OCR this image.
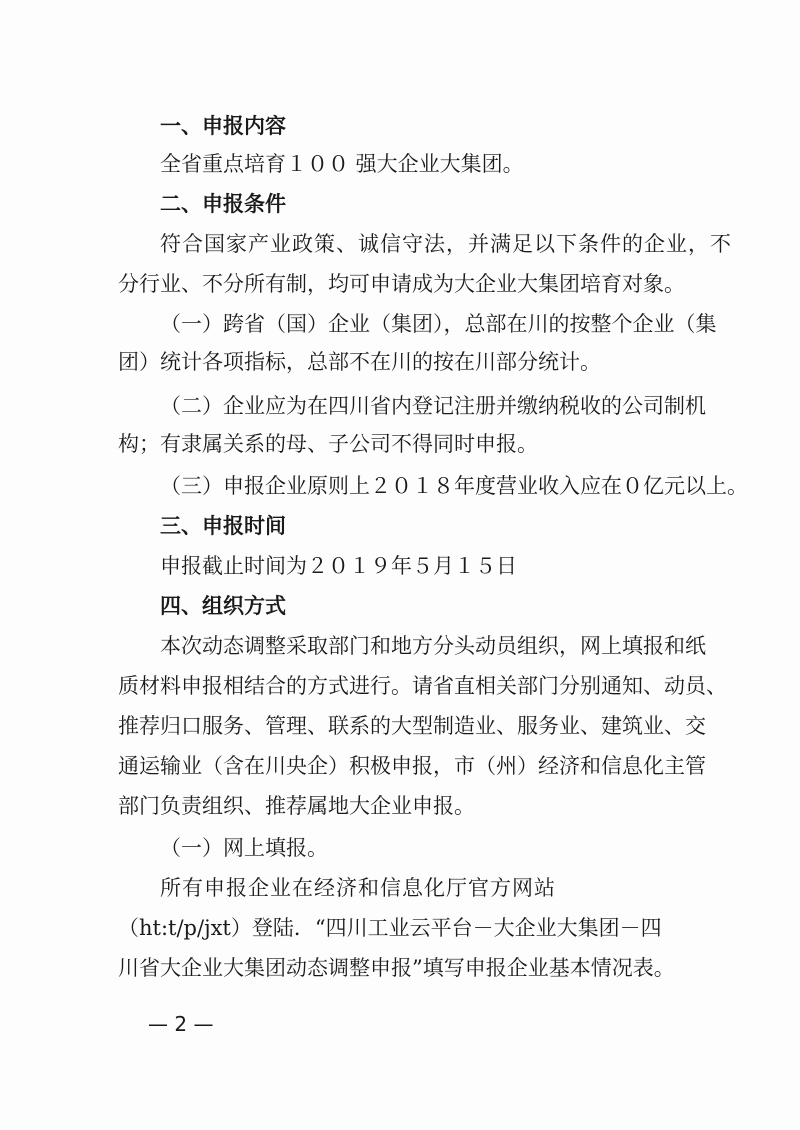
一、申报内容
全省重点培育１００ 强大企业大集团。
二、申报条件
符合国家产业政策、诚信守法，并满足以下条件的企业，不
分行业、不分所有制，均可申请成为大企业大集团培育对象。
（一）跨省（国）企业（集团），总部在川的按整个企业（集
团）统计各项指标，总部不在川的按在川部分统计。
（二）企业应为在四川省内登记注册并缴纳税收的公司制机
构；有隶属关系的母、子公司不得同时申报。
（三）申报企业原则上２０１８年度营业收入应在０亿元以上。
三、申报时间
申报截止时间为２０１９年５月１５日
四、组织方式
本次动态调整采取部门和地方分头动员组织，网上填报和纸
质材料申报相结合的方式进行。请省直相关部门分别通知、动员、
推荐归口服务、管理、联系的大型制造业、服务业、建筑业、交
通运输业（含在川央企）积极申报，市（州）经济和信息化主管
部门负责组织、推荐属地大企业申报。
（一）网上填报。
所有申报企业在经济和信息化厅官方网站
（ht:t/p/jxt）登陆．“四川工业云平台－大企业大集团－四
川省大企业大集团动态调整申报”填写申报企业基本情况表。
— 2 —
